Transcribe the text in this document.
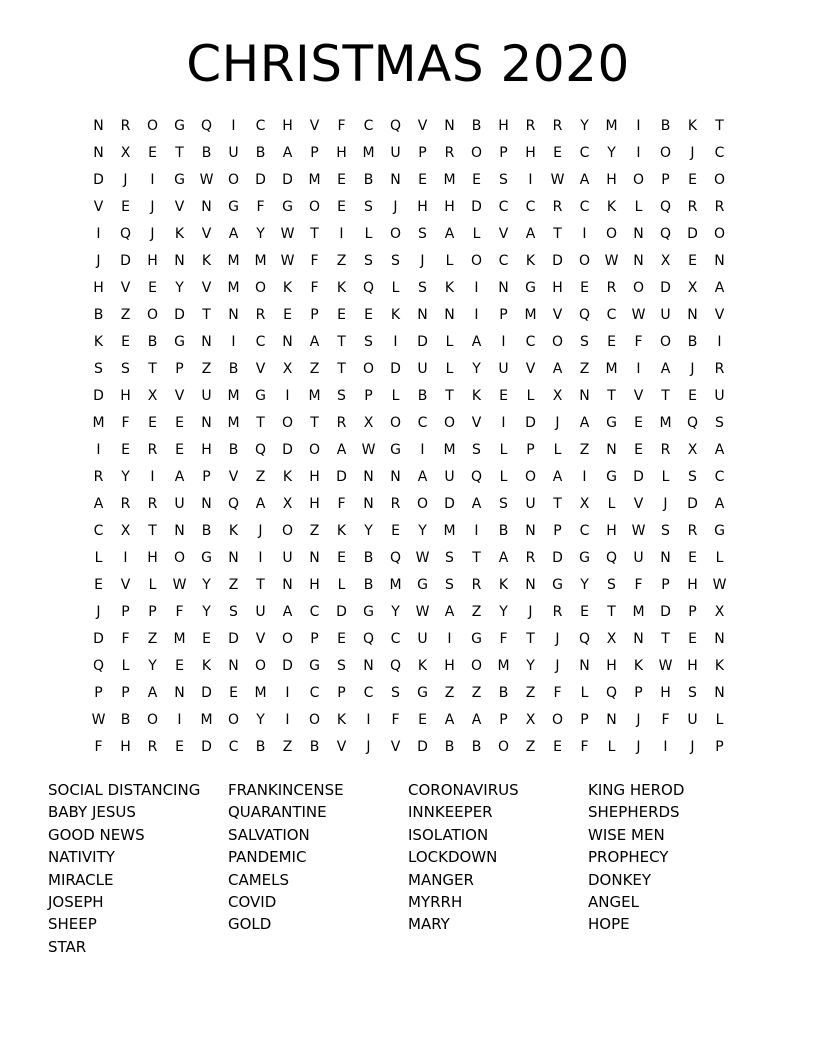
CHRISTMAS 2020
N	R	O	G	Q	I	C	H	V	F	C	Q	V	N	B	H	R	R	Y	M	I	B	K	T
N	X	E	T	B	U	B	A	P	H	M	U	P	R	O	P	H	E	C	Y	I	O	J	C
D	J	I	G	W	O	D	D	M	E	B	N	E	M	E	S	I	W	A	H	O	P	E	O
V	E	J	V	N	G	F	G	O	E	S	J	H	H	D	C	C	R	C	K	L	Q	R	R
I	Q	J	K	V	A	Y	W	T	I	L	O	S	A	L	V	A	T	I	O	N	Q	D	O
J	D	H	N	K	M	M	W	F	Z	S	S	J	L	O	C	K	D	O	W	N	X	E	N
H	V	E	Y	V	M	O	K	F	K	Q	L	S	K	I	N	G	H	E	R	O	D	X	A
B	Z	O	D	T	N	R	E	P	E	E	K	N	N	I	P	M	V	Q	C	W	U	N	V
K	E	B	G	N	I	C	N	A	T	S	I	D	L	A	I	C	O	S	E	F	O	B	I
S	S	T	P	Z	B	V	X	Z	T	O	D	U	L	Y	U	V	A	Z	M	I	A	J	R
D	H	X	V	U	M	G	I	M	S	P	L	B	T	K	E	L	X	N	T	V	T	E	U
M	F	E	E	N	M	T	O	T	R	X	O	C	O	V	I	D	J	A	G	E	M	Q	S
I	E	R	E	H	B	Q	D	O	A	W	G	I	M	S	L	P	L	Z	N	E	R	X	A
R	Y	I	A	P	V	Z	K	H	D	N	N	A	U	Q	L	O	A	I	G	D	L	S	C
A	R	R	U	N	Q	A	X	H	F	N	R	O	D	A	S	U	T	X	L	V	J	D	A
C	X	T	N	B	K	J	O	Z	K	Y	E	Y	M	I	B	N	P	C	H	W	S	R	G
L	I	H	O	G	N	I	U	N	E	B	Q	W	S	T	A	R	D	G	Q	U	N	E	L
E	V	L	W	Y	Z	T	N	H	L	B	M	G	S	R	K	N	G	Y	S	F	P	H	W
J	P	P	F	Y	S	U	A	C	D	G	Y	W	A	Z	Y	J	R	E	T	M	D	P	X
D	F	Z	M	E	D	V	O	P	E	Q	C	U	I	G	F	T	J	Q	X	N	T	E	N
Q	L	Y	E	K	N	O	D	G	S	N	Q	K	H	O	M	Y	J	N	H	K	W	H	K
P	P	A	N	D	E	M	I	C	P	C	S	G	Z	Z	B	Z	F	L	Q	P	H	S	N
W	B	O	I	M	O	Y	I	O	K	I	F	E	A	A	P	X	O	P	N	J	F	U	L
F	H	R	E	D	C	B	Z	B	V	J	V	D	B	B	O	Z	E	F	L	J	I	J	P
SOCIAL DISTANCING
BABY JESUS
GOOD NEWS
NATIVITY
MIRACLE
JOSEPH
SHEEP
STAR
FRANKINCENSE
QUARANTINE
SALVATION
PANDEMIC
CAMELS
COVID
GOLD
CORONAVIRUS
INNKEEPER
ISOLATION
LOCKDOWN
MANGER
MYRRH
MARY
KING HEROD
SHEPHERDS
WISE MEN
PROPHECY
DONKEY
ANGEL
HOPE
